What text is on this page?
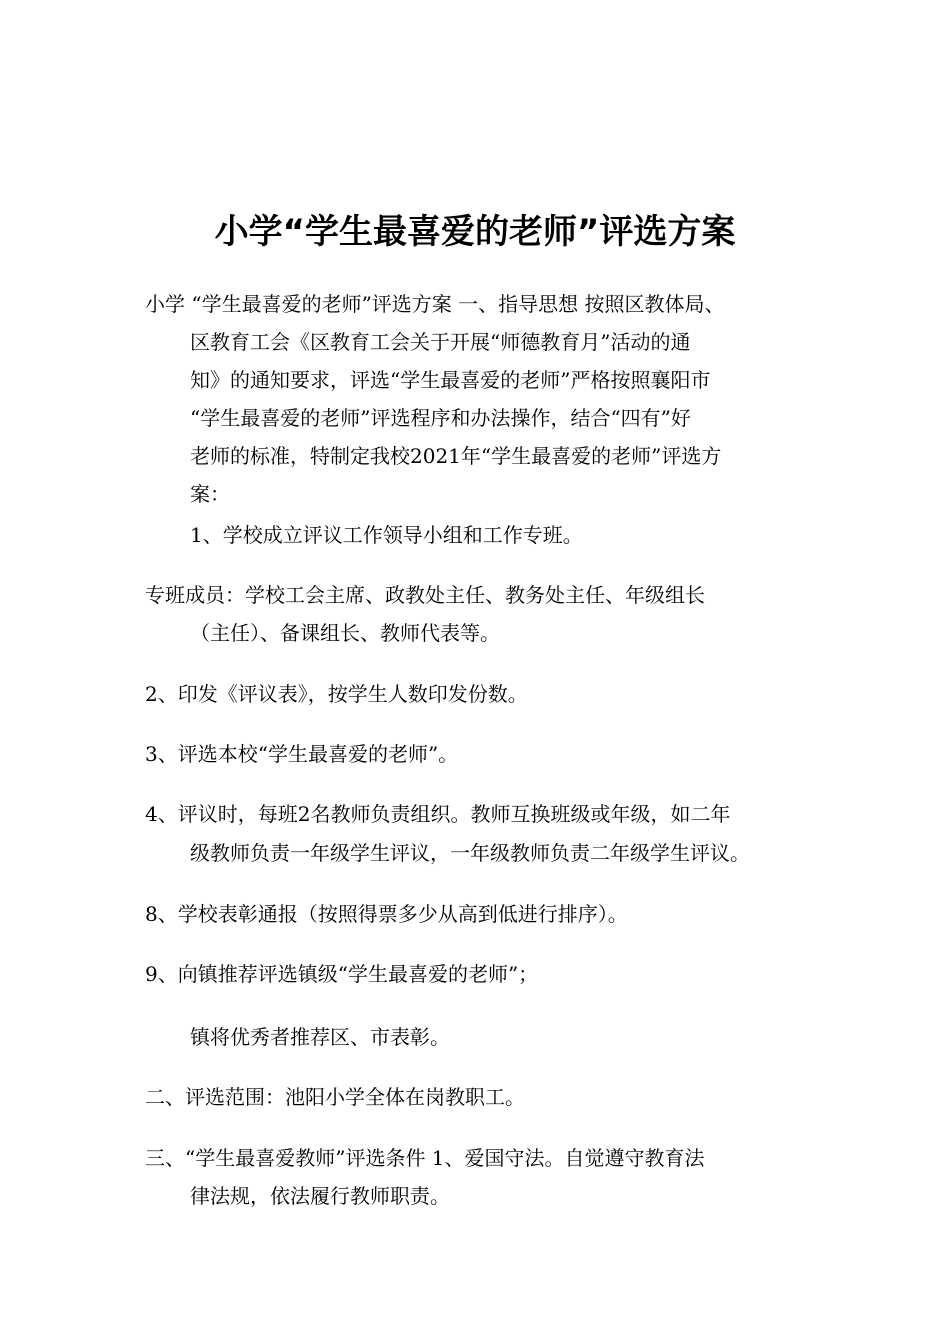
小学“学生最喜爱的老师”评选方案
小学 “学生最喜爱的老师”评选方案 一、指导思想 按照区教体局、
区教育工会《区教育工会关于开展“师德教育月”活动的通
知》的通知要求，评选“学生最喜爱的老师”严格按照襄阳市
“学生最喜爱的老师”评选程序和办法操作，结合“四有”好
老师的标准，特制定我校2021年“学生最喜爱的老师”评选方
案：
1、学校成立评议工作领导小组和工作专班。
专班成员：学校工会主席、政教处主任、教务处主任、年级组长
（主任）、备课组长、教师代表等。
2、印发《评议表》，按学生人数印发份数。
3、评选本校“学生最喜爱的老师”。
4、评议时，每班2名教师负责组织。教师互换班级或年级，如二年
级教师负责一年级学生评议，一年级教师负责二年级学生评议。
8、学校表彰通报（按照得票多少从高到低进行排序）。
9、向镇推荐评选镇级“学生最喜爱的老师”；
镇将优秀者推荐区、市表彰。
二、评选范围：池阳小学全体在岗教职工。
三、“学生最喜爱教师”评选条件 1、爱国守法。自觉遵守教育法
律法规，依法履行教师职责。
